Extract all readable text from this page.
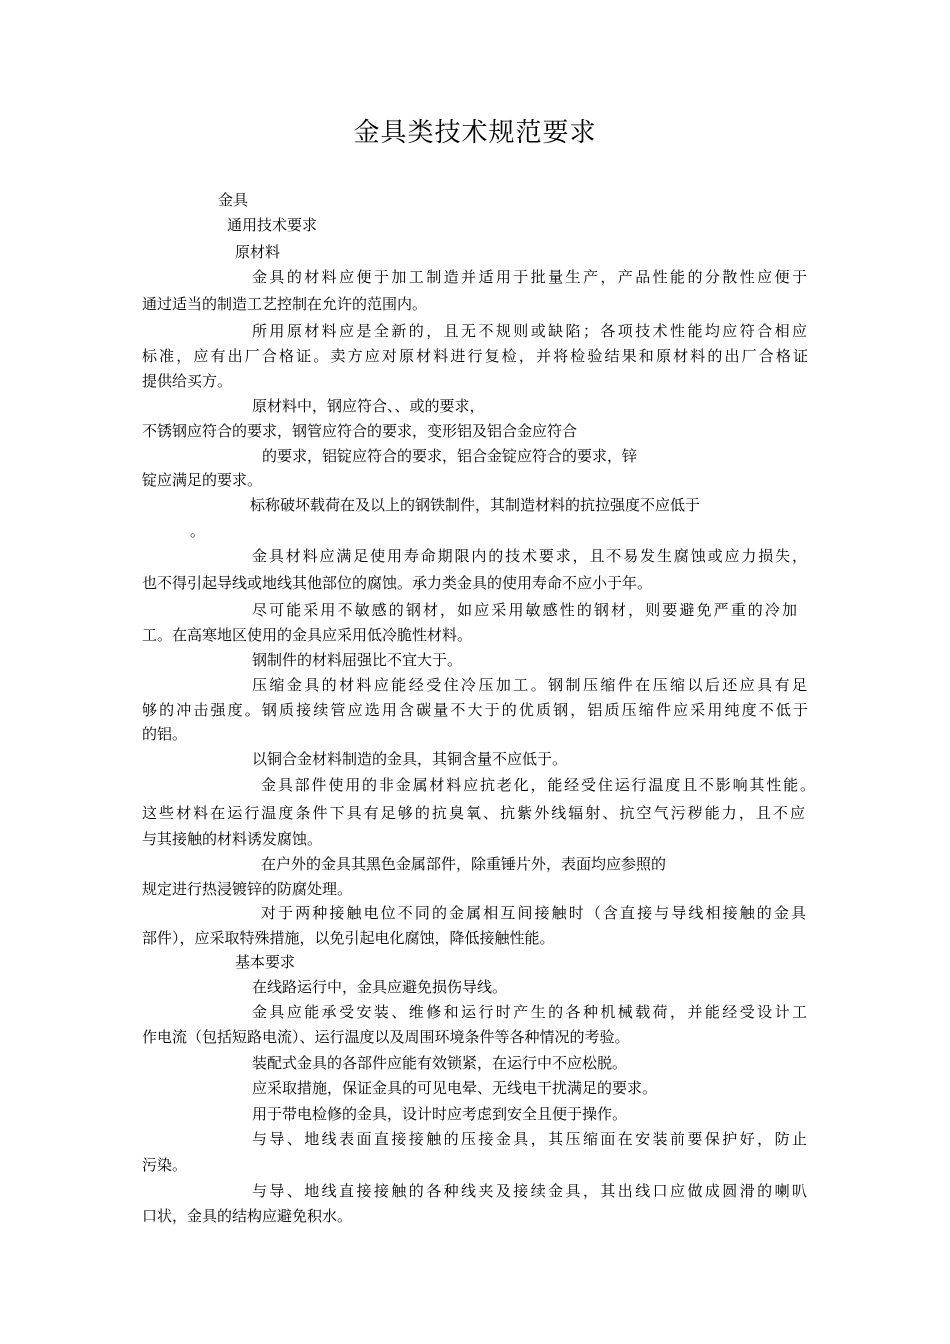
金具类技术规范要求
金具
通用技术要求
原材料
金具的材料应便于加工制造并适用于批量生产，产品性能的分散性应便于
通过适当的制造工艺控制在允许的范围内。
所用原材料应是全新的，且无不规则或缺陷；各项技术性能均应符合相应
标准，应有出厂合格证。卖方应对原材料进行复检，并将检验结果和原材料的出厂合格证
提供给买方。
原材料中，钢应符合、、或的要求，
不锈钢应符合的要求，钢管应符合的要求，变形铝及铝合金应符合
的要求，铝锭应符合的要求，铝合金锭应符合的要求，锌
锭应满足的要求。
标称破坏载荷在及以上的钢铁制件，其制造材料的抗拉强度不应低于
。
金具材料应满足使用寿命期限内的技术要求，且不易发生腐蚀或应力损失，
也不得引起导线或地线其他部位的腐蚀。承力类金具的使用寿命不应小于年。
尽可能采用不敏感的钢材，如应采用敏感性的钢材，则要避免严重的冷加
工。在高寒地区使用的金具应采用低冷脆性材料。
钢制件的材料屈强比不宜大于。
压缩金具的材料应能经受住冷压加工。钢制压缩件在压缩以后还应具有足
够的冲击强度。钢质接续管应选用含碳量不大于的优质钢，铝质压缩件应采用纯度不低于
的铝。
以铜合金材料制造的金具，其铜含量不应低于。
金具部件使用的非金属材料应抗老化，能经受住运行温度且不影响其性能。
这些材料在运行温度条件下具有足够的抗臭氧、抗紫外线辐射、抗空气污秽能力，且不应
与其接触的材料诱发腐蚀。
在户外的金具其黑色金属部件，除重锤片外，表面均应参照的
规定进行热浸镀锌的防腐处理。
对于两种接触电位不同的金属相互间接触时（含直接与导线相接触的金具
部件），应采取特殊措施，以免引起电化腐蚀，降低接触性能。
基本要求
在线路运行中，金具应避免损伤导线。
金具应能承受安装、维修和运行时产生的各种机械载荷，并能经受设计工
作电流（包括短路电流）、运行温度以及周围环境条件等各种情况的考验。
装配式金具的各部件应能有效锁紧，在运行中不应松脱。
应采取措施，保证金具的可见电晕、无线电干扰满足的要求。
用于带电检修的金具，设计时应考虑到安全且便于操作。
与导、地线表面直接接触的压接金具，其压缩面在安装前要保护好，防止
污染。
与导、地线直接接触的各种线夹及接续金具，其出线口应做成圆滑的喇叭
口状，金具的结构应避免积水。
